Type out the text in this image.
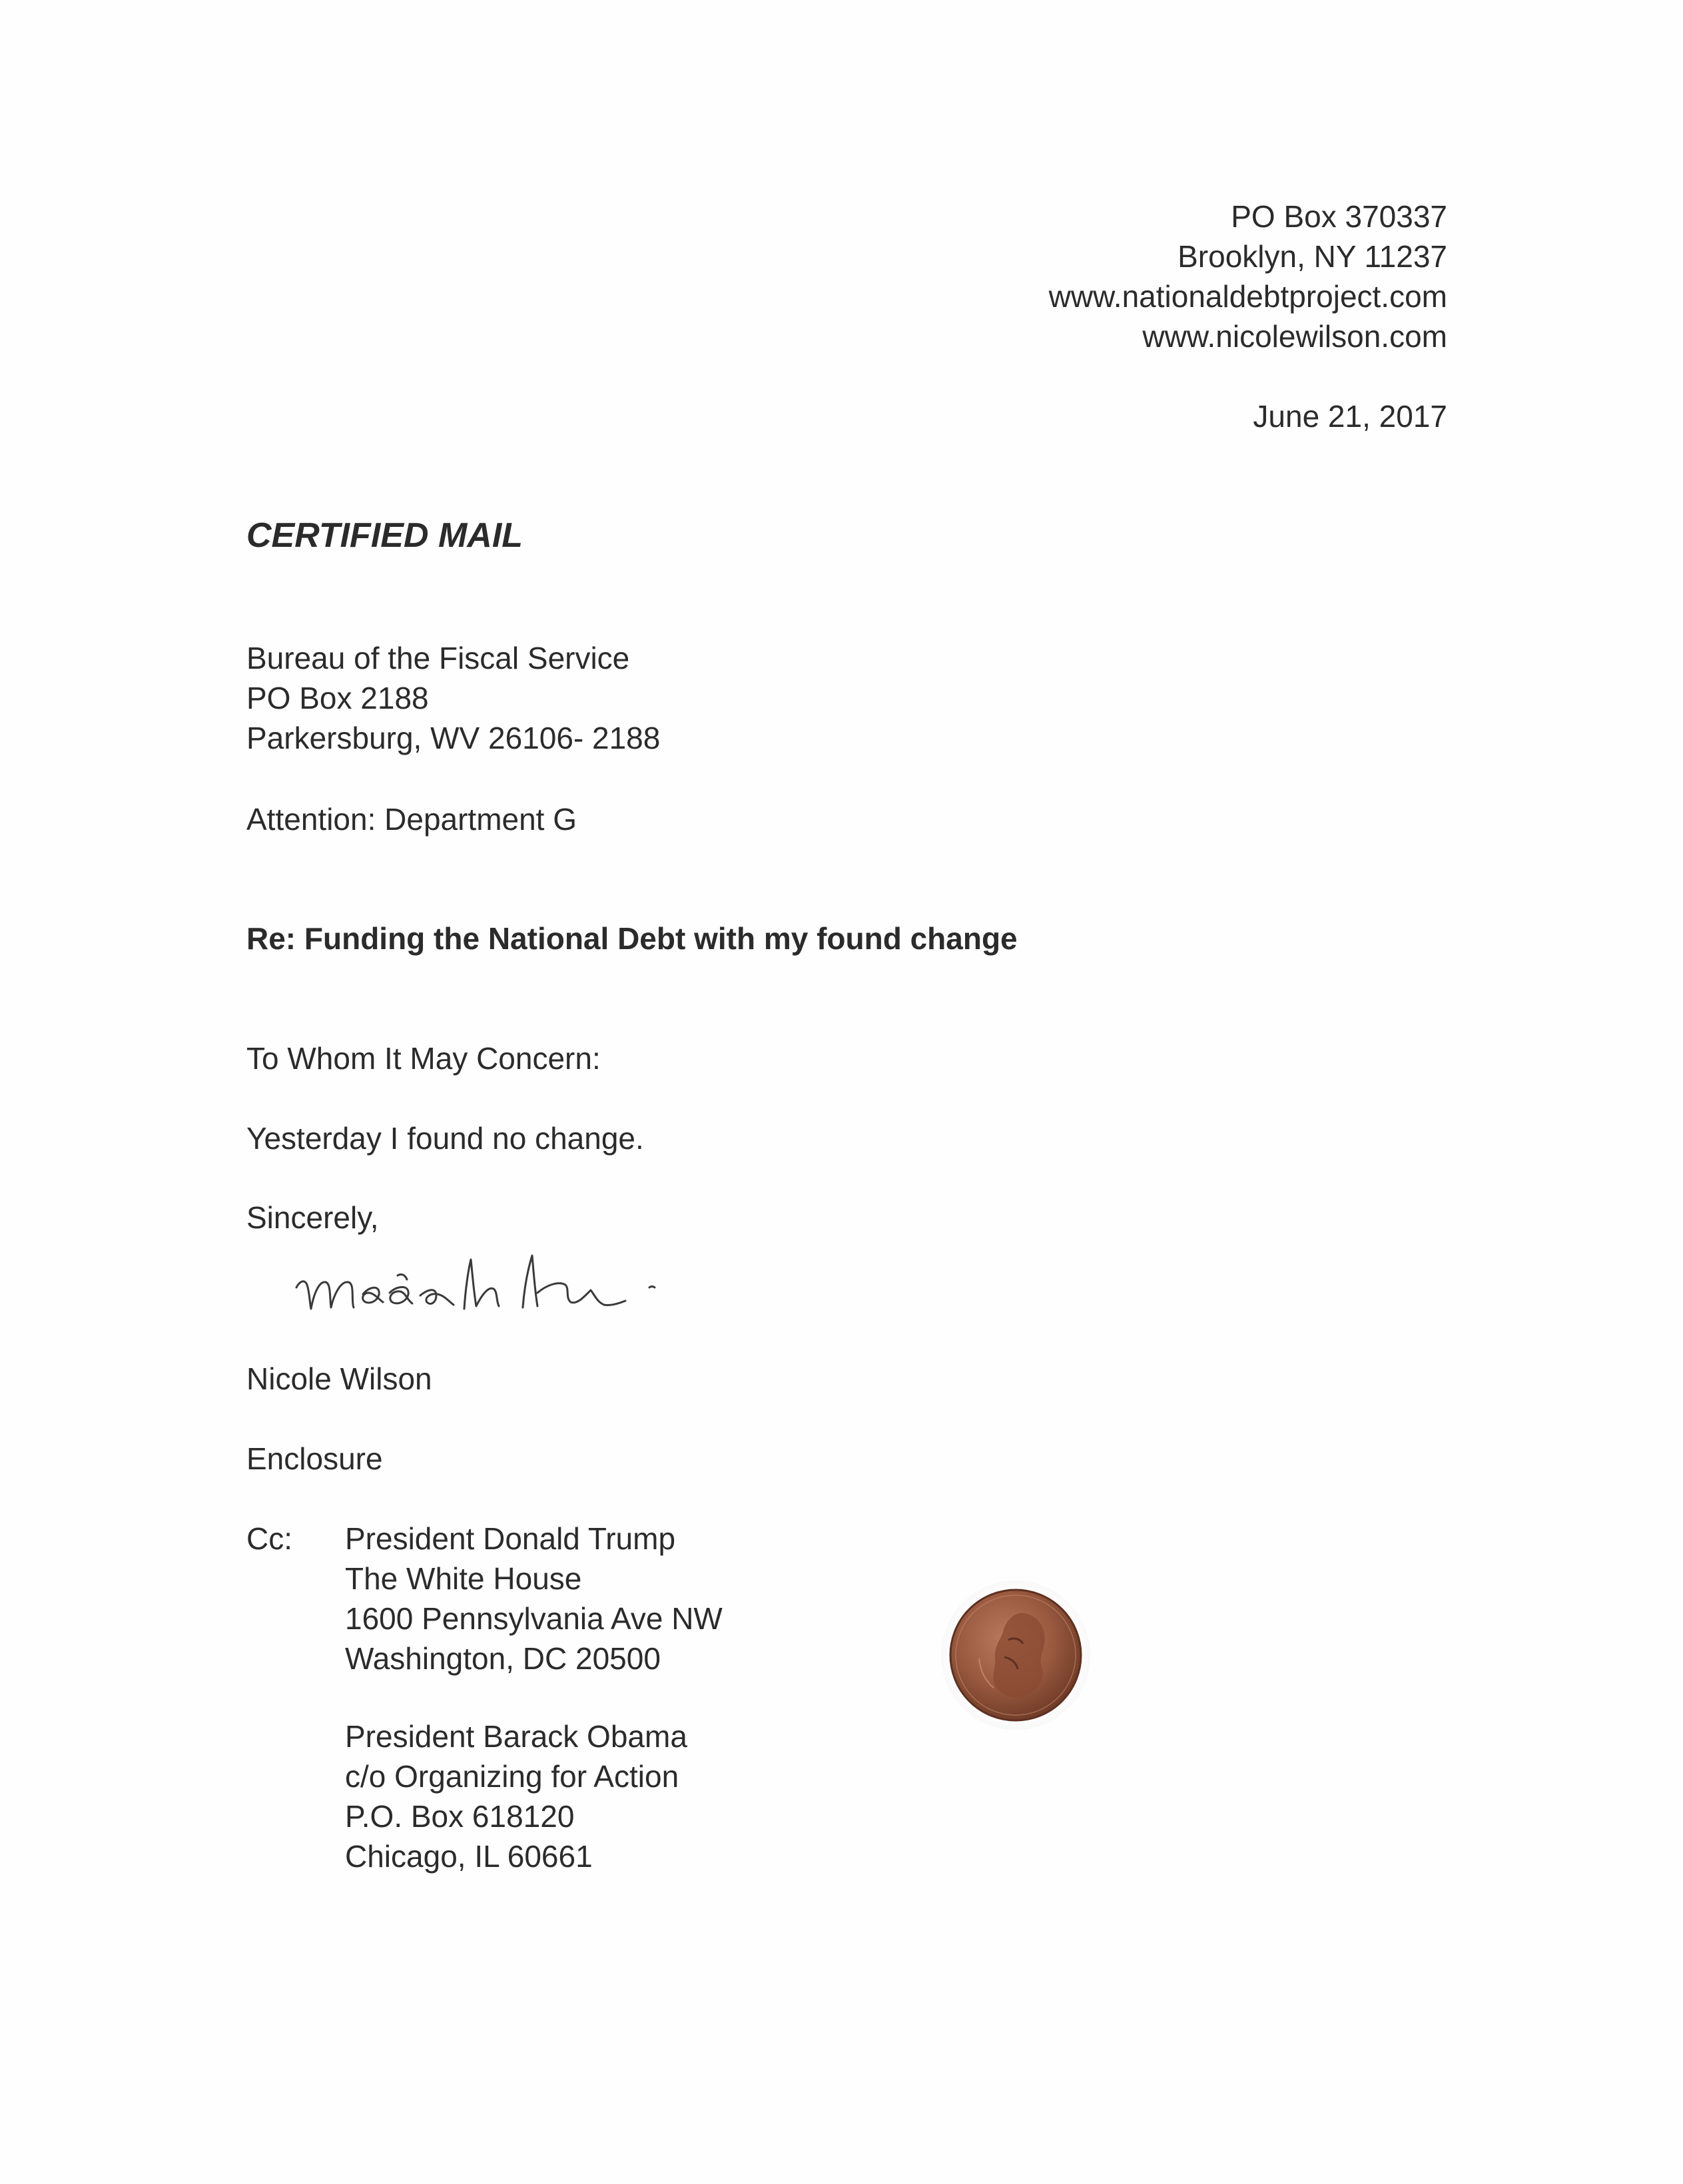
PO Box 370337
Brooklyn, NY 11237
www.nationaldebtproject.com
www.nicolewilson.com
June 21, 2017
CERTIFIED MAIL
Bureau of the Fiscal Service
PO Box 2188
Parkersburg, WV 26106- 2188
Attention: Department G
Re: Funding the National Debt with my found change
To Whom It May Concern:
Yesterday I found no change.
Sincerely,
Nicole Wilson
Enclosure
Cc: President Donald Trump
The White House
1600 Pennsylvania Ave NW
Washington, DC 20500
President Barack Obama
c/o Organizing for Action
P.O. Box 618120
Chicago, IL 60661
